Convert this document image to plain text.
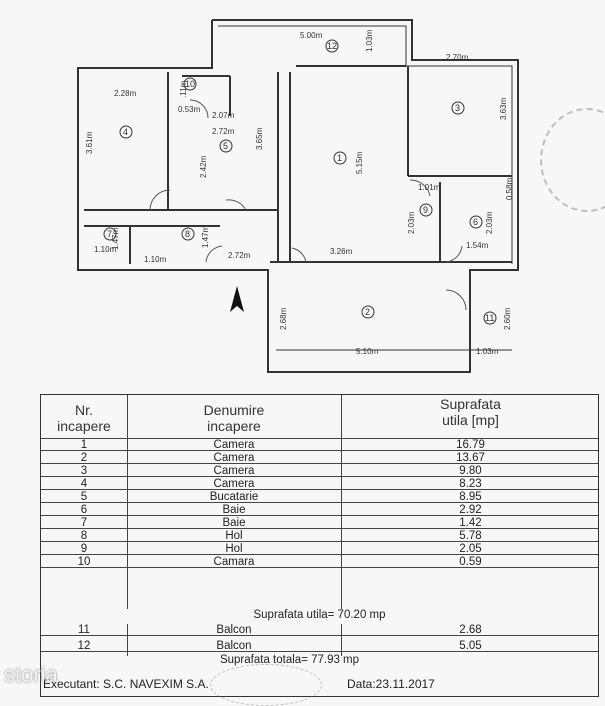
5.00m	1.03m
2.70m
2.28m
2.07m
0.53m
2.72m
3.61m
2.42m
3.65m
5.15m
3.63m
1.01m	0.58m
2.03m	2.03m
1.54m
1.10m
1.47m	1.47m
1.10m	2.72m	3.26m
2.68m	2.60m
5.10m	1.03m
.11m
1
2
3
4
5
6
7	8
9
10
11
12
Nr.
incapere
Denumire
incapere
Suprafata
utila [mp]
1	Camera	16.79
2	Camera	13.67
3	Camera	9.80
4	Camera	8.23
5	Bucatarie	8.95
6	Baie	2.92
7	Baie	1.42
8	Hol	5.78
9	Hol	2.05
10	Camara	0.59
Suprafata utila= 70.20 mp
11	Balcon	2.68
12	Balcon	5.05
Suprafata totala= 77.93 mp
Executant: S.C. NAVEXIM S.A.	Data:23.11.2017
storia
